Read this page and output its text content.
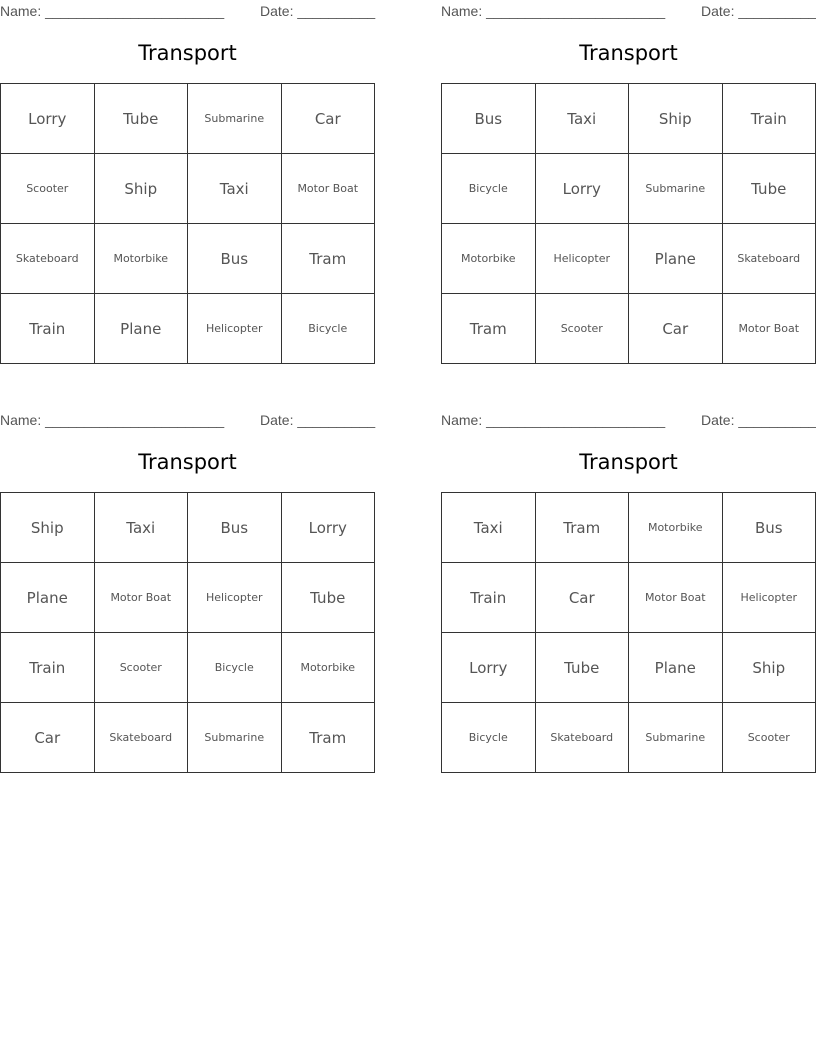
Name: _______________________	Date: __________
Transport
Lorry	Tube	Submarine	Car
Scooter	Ship	Taxi	Motor Boat
Skateboard	Motorbike	Bus	Tram
Train	Plane	Helicopter	Bicycle
Name: _______________________	Date: __________
Transport
Bus	Taxi	Ship	Train
Bicycle	Lorry	Submarine	Tube
Motorbike	Helicopter	Plane	Skateboard
Tram	Scooter	Car	Motor Boat
Name: _______________________	Date: __________
Transport
Ship	Taxi	Bus	Lorry
Plane	Motor Boat	Helicopter	Tube
Train	Scooter	Bicycle	Motorbike
Car	Skateboard	Submarine	Tram
Name: _______________________	Date: __________
Transport
Taxi	Tram	Motorbike	Bus
Train	Car	Motor Boat	Helicopter
Lorry	Tube	Plane	Ship
Bicycle	Skateboard	Submarine	Scooter
